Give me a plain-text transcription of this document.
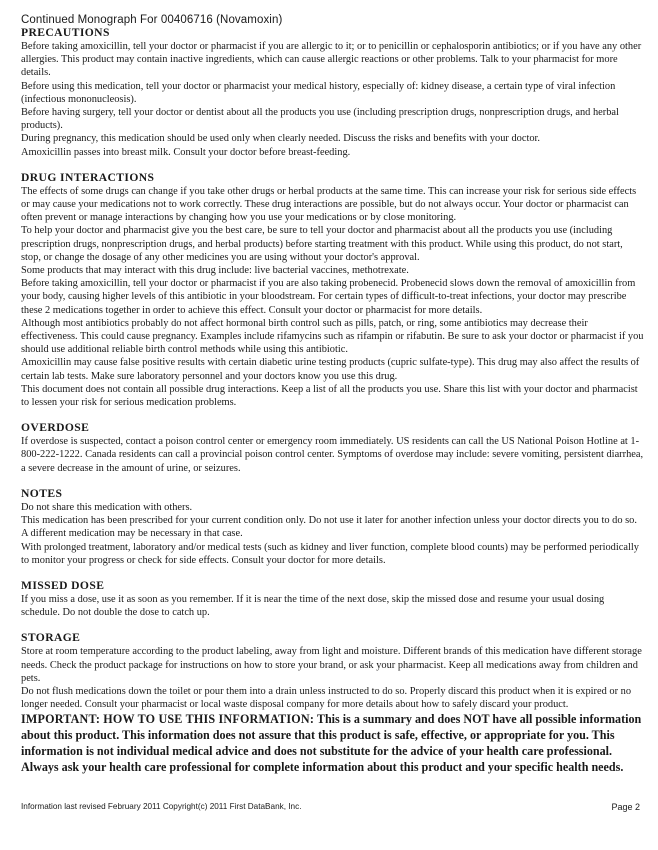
Continued Monograph For 00406716 (Novamoxin)
PRECAUTIONS

Before taking amoxicillin, tell your doctor or pharmacist if you are allergic to it; or to penicillin or cephalosporin antibiotics; or if you have any other allergies. This product may contain inactive ingredients, which can cause allergic reactions or other problems. Talk to your pharmacist for more details.

Before using this medication, tell your doctor or pharmacist your medical history, especially of: kidney disease, a certain type of viral infection (infectious mononucleosis).

Before having surgery, tell your doctor or dentist about all the products you use (including prescription drugs, nonprescription drugs, and herbal products).

During pregnancy, this medication should be used only when clearly needed. Discuss the risks and benefits with your doctor.

Amoxicillin passes into breast milk. Consult your doctor before breast-feeding.

DRUG INTERACTIONS

The effects of some drugs can change if you take other drugs or herbal products at the same time. This can increase your risk for serious side effects or may cause your medications not to work correctly. These drug interactions are possible, but do not always occur. Your doctor or pharmacist can often prevent or manage interactions by changing how you use your medications or by close monitoring.

To help your doctor and pharmacist give you the best care, be sure to tell your doctor and pharmacist about all the products you use (including prescription drugs, nonprescription drugs, and herbal products) before starting treatment with this product. While using this product, do not start, stop, or change the dosage of any other medicines you are using without your doctor's approval.

Some products that may interact with this drug include: live bacterial vaccines, methotrexate.

Before taking amoxicillin, tell your doctor or pharmacist if you are also taking probenecid. Probenecid slows down the removal of amoxicillin from your body, causing higher levels of this antibiotic in your bloodstream. For certain types of difficult-to-treat infections, your doctor may prescribe these 2 medications together in order to achieve this effect. Consult your doctor or pharmacist for more details.

Although most antibiotics probably do not affect hormonal birth control such as pills, patch, or ring, some antibiotics may decrease their effectiveness. This could cause pregnancy. Examples include rifamycins such as rifampin or rifabutin. Be sure to ask your doctor or pharmacist if you should use additional reliable birth control methods while using this antibiotic.

Amoxicillin may cause false positive results with certain diabetic urine testing products (cupric sulfate-type). This drug may also affect the results of certain lab tests. Make sure laboratory personnel and your doctors know you use this drug.

This document does not contain all possible drug interactions. Keep a list of all the products you use. Share this list with your doctor and pharmacist to lessen your risk for serious medication problems.

OVERDOSE

If overdose is suspected, contact a poison control center or emergency room immediately. US residents can call the US National Poison Hotline at 1-800-222-1222. Canada residents can call a provincial poison control center. Symptoms of overdose may include: severe vomiting, persistent diarrhea, a severe decrease in the amount of urine, or seizures.

NOTES

Do not share this medication with others.

This medication has been prescribed for your current condition only. Do not use it later for another infection unless your doctor directs you to do so. A different medication may be necessary in that case.

With prolonged treatment, laboratory and/or medical tests (such as kidney and liver function, complete blood counts) may be performed periodically to monitor your progress or check for side effects. Consult your doctor for more details.

MISSED DOSE

If you miss a dose, use it as soon as you remember. If it is near the time of the next dose, skip the missed dose and resume your usual dosing schedule. Do not double the dose to catch up.

STORAGE

Store at room temperature according to the product labeling, away from light and moisture. Different brands of this medication have different storage needs. Check the product package for instructions on how to store your brand, or ask your pharmacist. Keep all medications away from children and pets.

Do not flush medications down the toilet or pour them into a drain unless instructed to do so. Properly discard this product when it is expired or no longer needed. Consult your pharmacist or local waste disposal company for more details about how to safely discard your product.

IMPORTANT: HOW TO USE THIS INFORMATION: This is a summary and does NOT have all possible information about this product. This information does not assure that this product is safe, effective, or appropriate for you. This information is not individual medical advice and does not substitute for the advice of your health care professional. Always ask your health care professional for complete information about this product and your specific health needs.

Information last revised February 2011 Copyright(c) 2011 First DataBank, Inc.	Page 2
